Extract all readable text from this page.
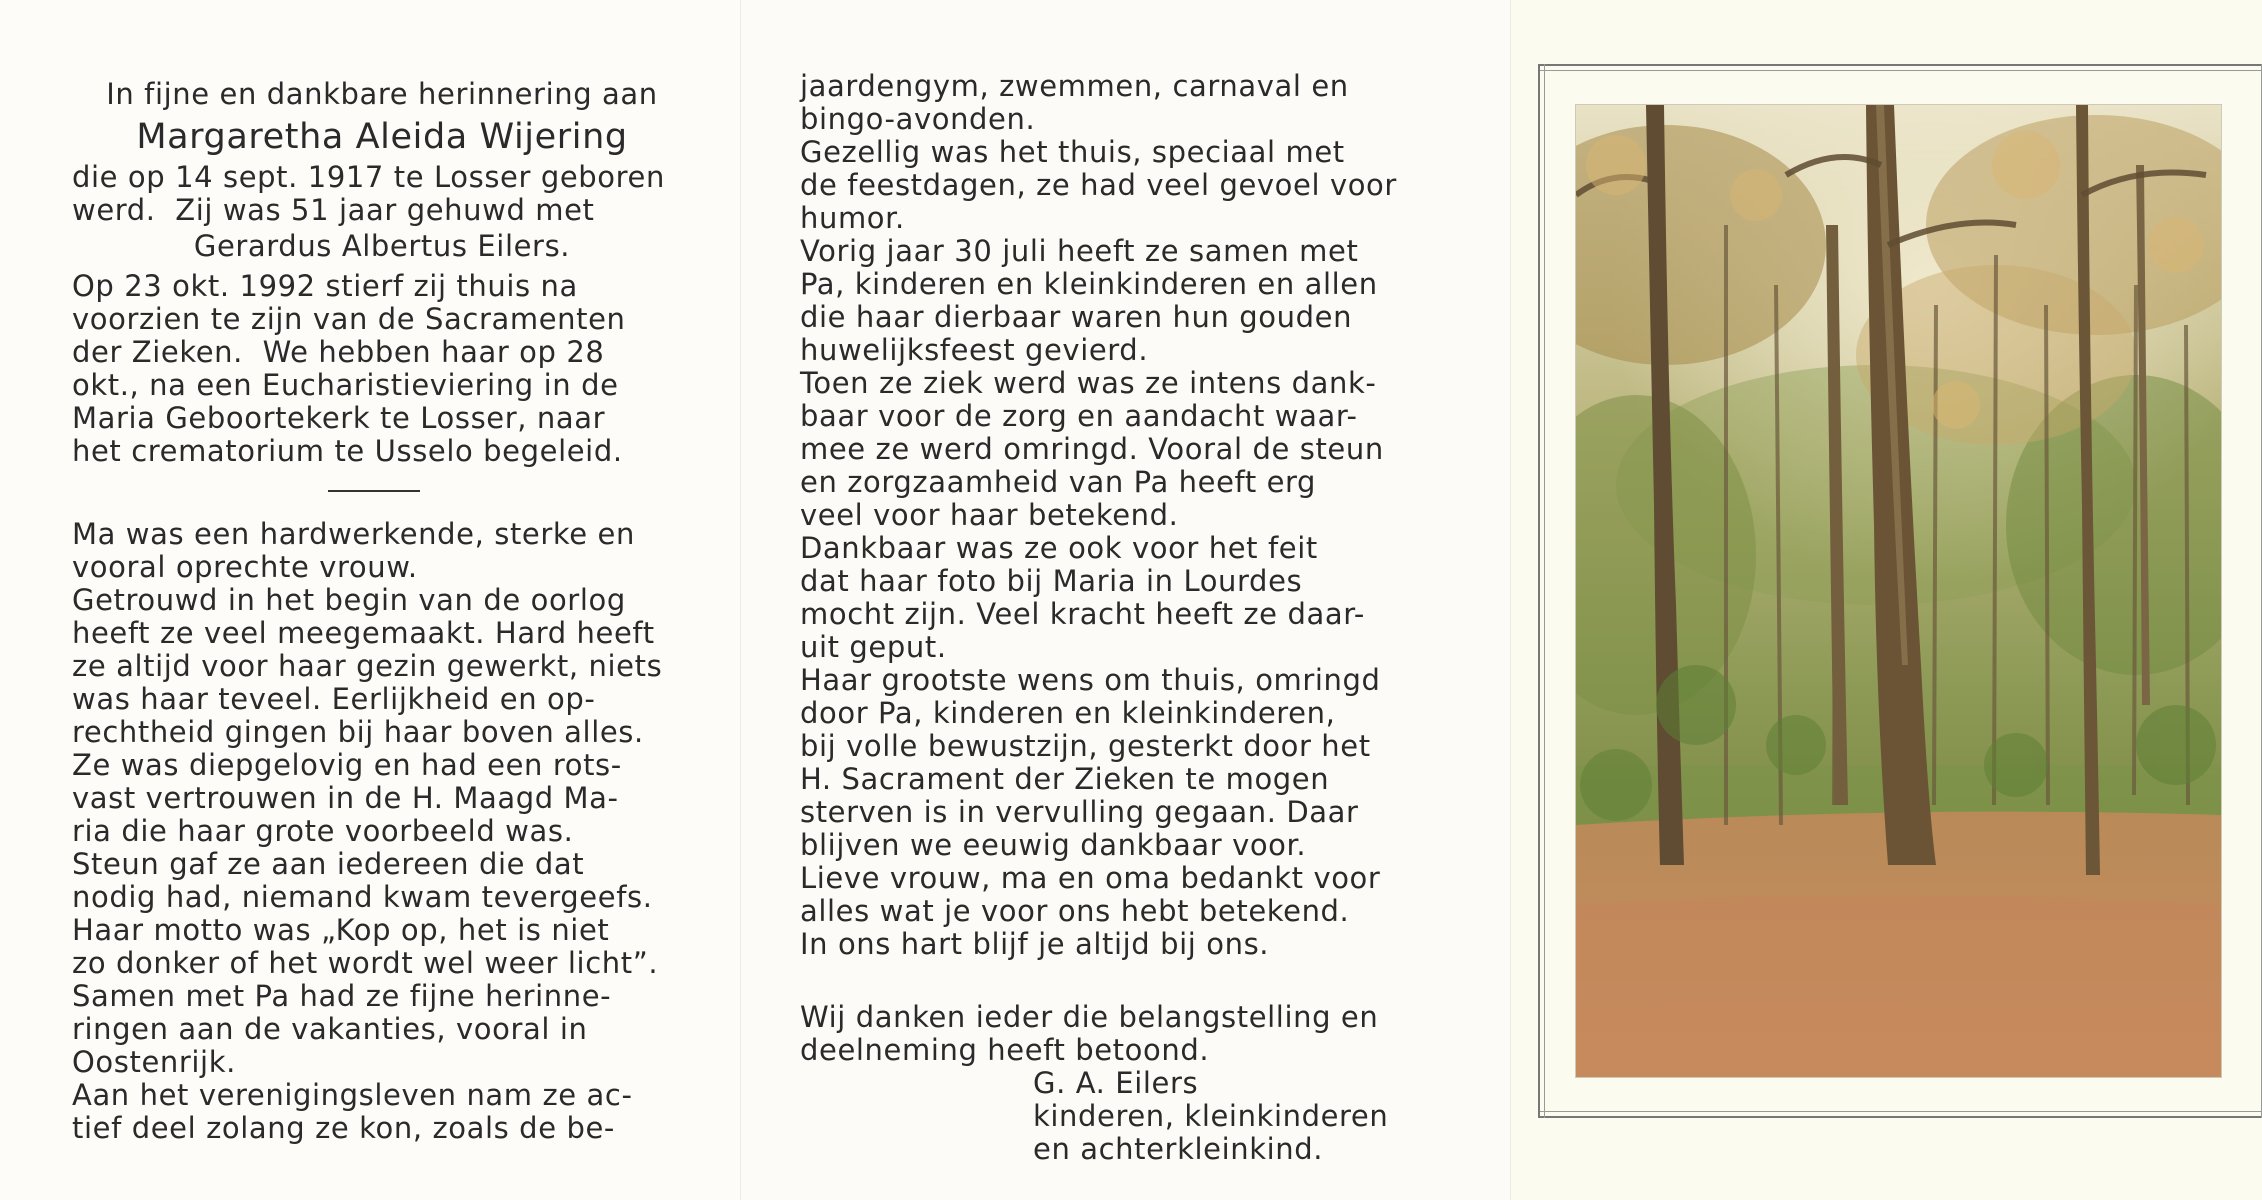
In fijne en dankbare herinnering aan
Margaretha Aleida Wijering

die op 14 sept. 1917 te Losser geboren

werd.  Zij was 51 jaar gehuwd met

Gerardus Albertus Eilers.

Op 23 okt. 1992 stierf zij thuis na

voorzien te zijn van de Sacramenten

der Zieken.  We hebben haar op 28

okt., na een Eucharistieviering in de

Maria Geboortekerk te Losser, naar

het crematorium te Usselo begeleid.

Ma was een hardwerkende, sterke en

vooral oprechte vrouw.

Getrouwd in het begin van de oorlog

heeft ze veel meegemaakt. Hard heeft

ze altijd voor haar gezin gewerkt, niets

was haar teveel. Eerlijkheid en op-

rechtheid gingen bij haar boven alles.

Ze was diepgelovig en had een rots-

vast vertrouwen in de H. Maagd Ma-

ria die haar grote voorbeeld was.

Steun gaf ze aan iedereen die dat

nodig had, niemand kwam tevergeefs.

Haar motto was „Kop op, het is niet

zo donker of het wordt wel weer licht”.

Samen met Pa had ze fijne herinne-

ringen aan de vakanties, vooral in

Oostenrijk.

Aan het verenigingsleven nam ze ac-

tief deel zolang ze kon, zoals de be-

jaardengym, zwemmen, carnaval en

bingo-avonden.

Gezellig was het thuis, speciaal met

de feestdagen, ze had veel gevoel voor

humor.

Vorig jaar 30 juli heeft ze samen met

Pa, kinderen en kleinkinderen en allen

die haar dierbaar waren hun gouden

huwelijksfeest gevierd.

Toen ze ziek werd was ze intens dank-

baar voor de zorg en aandacht waar-

mee ze werd omringd. Vooral de steun

en zorgzaamheid van Pa heeft erg

veel voor haar betekend.

Dankbaar was ze ook voor het feit

dat haar foto bij Maria in Lourdes

mocht zijn. Veel kracht heeft ze daar-

uit geput.

Haar grootste wens om thuis, omringd

door Pa, kinderen en kleinkinderen,

bij volle bewustzijn, gesterkt door het

H. Sacrament der Zieken te mogen

sterven is in vervulling gegaan. Daar

blijven we eeuwig dankbaar voor.

Lieve vrouw, ma en oma bedankt voor

alles wat je voor ons hebt betekend.

In ons hart blijf je altijd bij ons.

Wij danken ieder die belangstelling en

deelneming heeft betoond.

G. A. Eilers

kinderen, kleinkinderen

en achterkleinkind.
